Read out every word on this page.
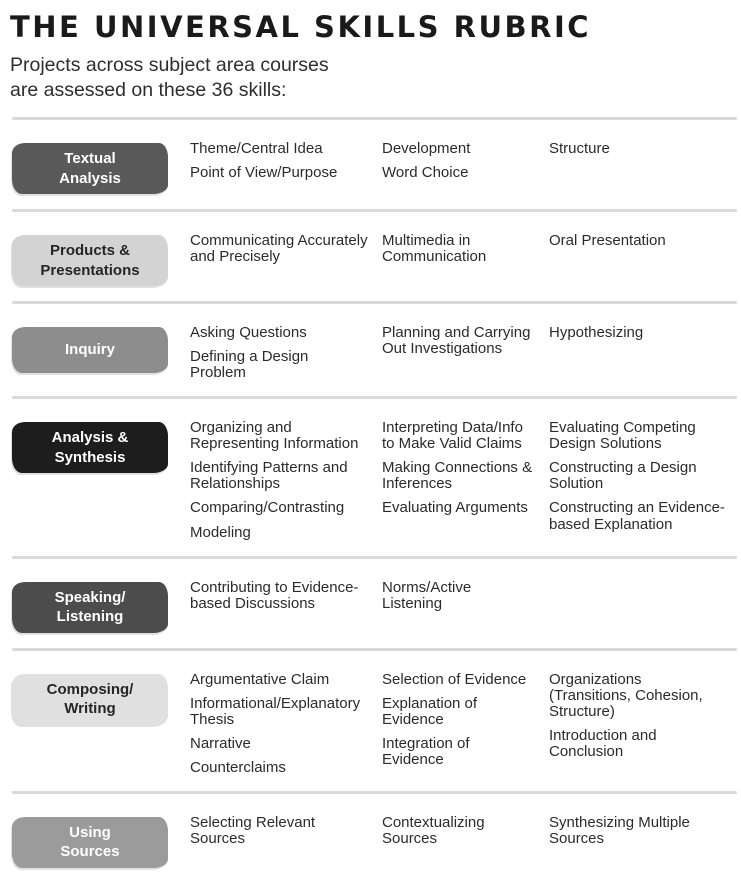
THE UNIVERSAL SKILLS RUBRIC

Projects across subject area courses
are assessed on these 36 skills:

Textual
Analysis
Theme/Central Idea
Point of View/Purpose
Development
Word Choice
Structure
Products &
Presentations
Communicating Accurately and Precisely
Multimedia in Communication
Oral Presentation
Inquiry
Asking Questions
Defining a Design Problem
Planning and Carrying Out Investigations
Hypothesizing
Analysis &
Synthesis
Organizing and Representing Information
Identifying Patterns and Relationships
Comparing/Contrasting
Modeling
Interpreting Data/Info to Make Valid Claims
Making Connections & Inferences
Evaluating Arguments
Evaluating Competing Design Solutions
Constructing a Design Solution
Constructing an Evidence-based Explanation
Speaking/
Listening
Contributing to Evidence-based Discussions
Norms/Active Listening
Composing/
Writing
Argumentative Claim
Informational/Explanatory Thesis
Narrative
Counterclaims
Selection of Evidence
Explanation of Evidence
Integration of Evidence
Organizations (Transitions, Cohesion, Structure)
Introduction and Conclusion
Using
Sources
Selecting Relevant Sources
Contextualizing Sources
Synthesizing Multiple Sources
